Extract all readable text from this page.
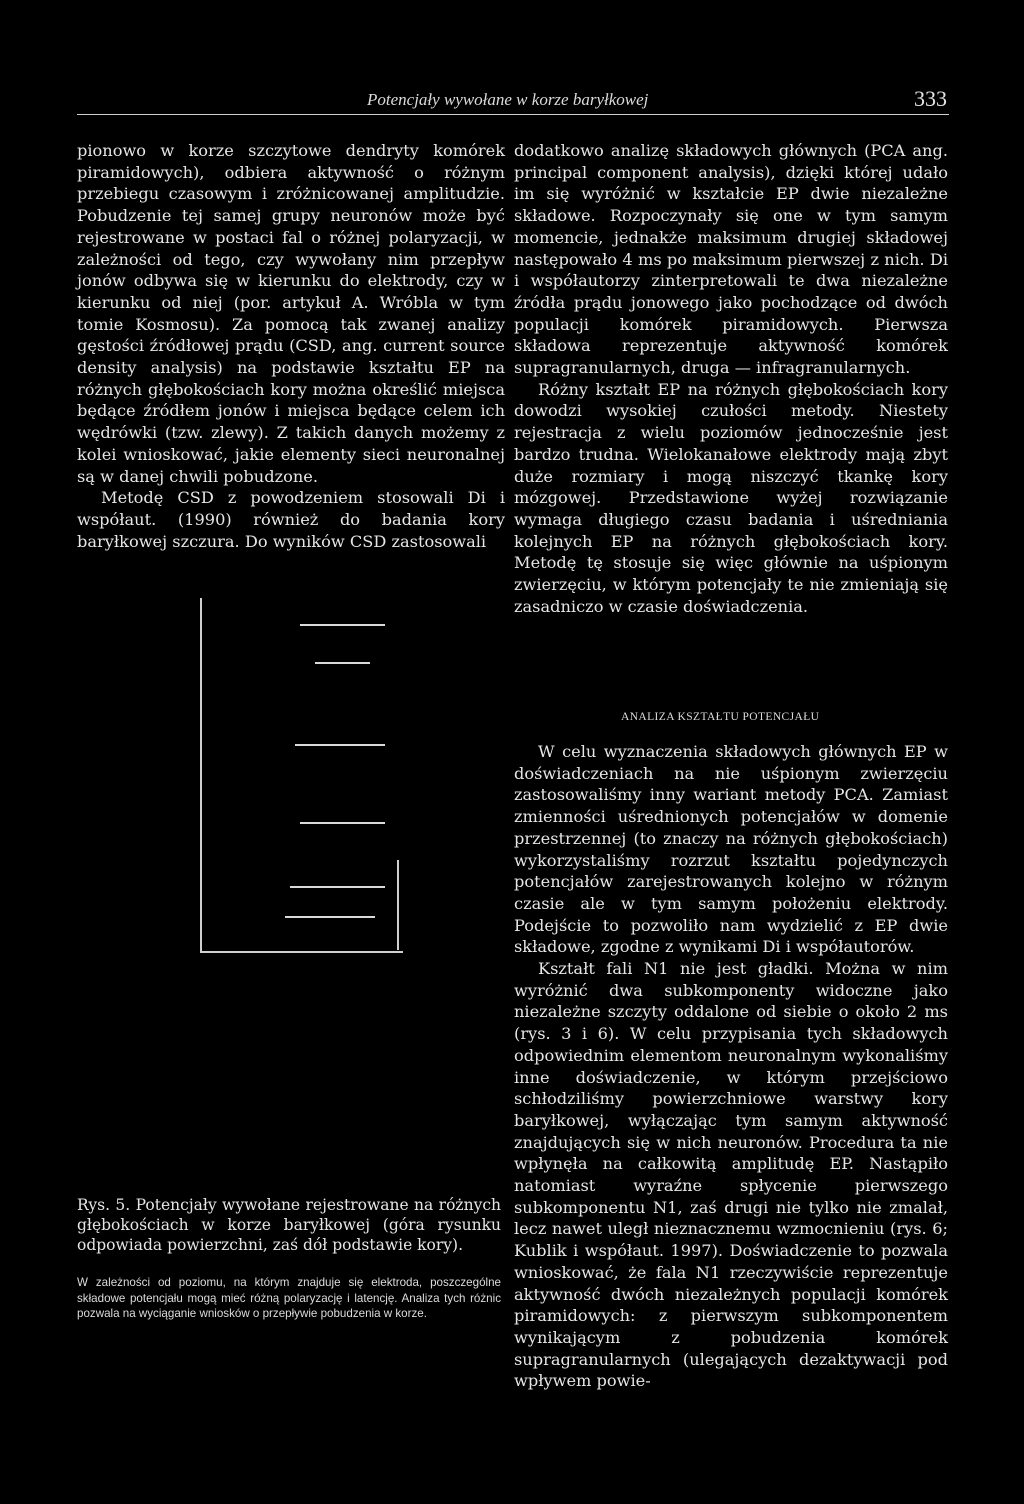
Potencjały wywołane w korze baryłkowej	333

pionowo w korze szczytowe dendryty komórek piramidowych), odbiera aktywność o różnym przebiegu czasowym i zróżnicowanej amplitudzie. Pobudzenie tej samej grupy neuronów może być rejestrowane w postaci fal o różnej polaryzacji, w zależności od tego, czy wywołany nim przepływ jonów odbywa się w kierunku do elektrody, czy w kierunku od niej (por. artykuł A. Wróbla w tym tomie Kosmosu). Za pomocą tak zwanej analizy gęstości źródłowej prądu (CSD, ang. current source density analysis) na podstawie kształtu EP na różnych głębokościach kory można określić miejsca będące źródłem jonów i miejsca będące celem ich wędrówki (tzw. zlewy). Z takich danych możemy z kolei wnioskować, jakie elementy sieci neuronalnej są w danej chwili pobudzone.

Metodę CSD z powodzeniem stosowali Di i współaut. (1990) również do badania kory baryłkowej szczura. Do wyników CSD zastosowali

dodatkowo analizę składowych głównych (PCA ang. principal component analysis), dzięki której udało im się wyróżnić w kształcie EP dwie niezależne składowe. Rozpoczynały się one w tym samym momencie, jednakże maksimum drugiej składowej następowało 4 ms po maksimum pierwszej z nich. Di i współautorzy zinterpretowali te dwa niezależne źródła prądu jonowego jako pochodzące od dwóch populacji komórek piramidowych. Pierwsza składowa reprezentuje aktywność komórek supragranularnych, druga — infragranularnych.

Różny kształt EP na różnych głębokościach kory dowodzi wysokiej czułości metody. Niestety rejestracja z wielu poziomów jednocześnie jest bardzo trudna. Wielokanałowe elektrody mają zbyt duże rozmiary i mogą niszczyć tkankę kory mózgowej. Przedstawione wyżej rozwiązanie wymaga długiego czasu badania i uśredniania kolejnych EP na różnych głębokościach kory. Metodę tę stosuje się więc głównie na uśpionym zwierzęciu, w którym potencjały te nie zmieniają się zasadniczo w czasie doświadczenia.

ANALIZA KSZTAŁTU POTENCJAŁU

W celu wyznaczenia składowych głównych EP w doświadczeniach na nie uśpionym zwierzęciu zastosowaliśmy inny wariant metody PCA. Zamiast zmienności uśrednionych potencjałów w domenie przestrzennej (to znaczy na różnych głębokościach) wykorzystaliśmy rozrzut kształtu pojedynczych potencjałów zarejestrowanych kolejno w różnym czasie ale w tym samym położeniu elektrody. Podejście to pozwoliło nam wydzielić z EP dwie składowe, zgodne z wynikami Di i współautorów.

Kształt fali N1 nie jest gładki. Można w nim wyróżnić dwa subkomponenty widoczne jako niezależne szczyty oddalone od siebie o około 2 ms (rys. 3 i 6). W celu przypisania tych składowych odpowiednim elementom neuronalnym wykonaliśmy inne doświadczenie, w którym przejściowo schłodziliśmy powierzchniowe warstwy kory baryłkowej, wyłączając tym samym aktywność znajdujących się w nich neuronów. Procedura ta nie wpłynęła na całkowitą amplitudę EP. Nastąpiło natomiast wyraźne spłycenie pierwszego subkomponentu N1, zaś drugi nie tylko nie zmalał, lecz nawet uległ nieznacznemu wzmocnieniu (rys. 6; Kublik i współaut. 1997). Doświadczenie to pozwala wnioskować, że fala N1 rzeczywiście reprezentuje aktywność dwóch niezależnych populacji komórek piramidowych: z pierwszym subkomponentem wynikającym z pobudzenia komórek supragranularnych (ulegających dezaktywacji pod wpływem powie-

Rys. 5. Potencjały wywołane rejestrowane na różnych głębokościach w korze baryłkowej (góra rysunku odpowiada powierzchni, zaś dół podstawie kory).
W zależności od poziomu, na którym znajduje się elektroda, poszczególne składowe potencjału mogą mieć różną polaryzację i latencję. Analiza tych różnic pozwala na wyciąganie wniosków o przepływie pobudzenia w korze.
